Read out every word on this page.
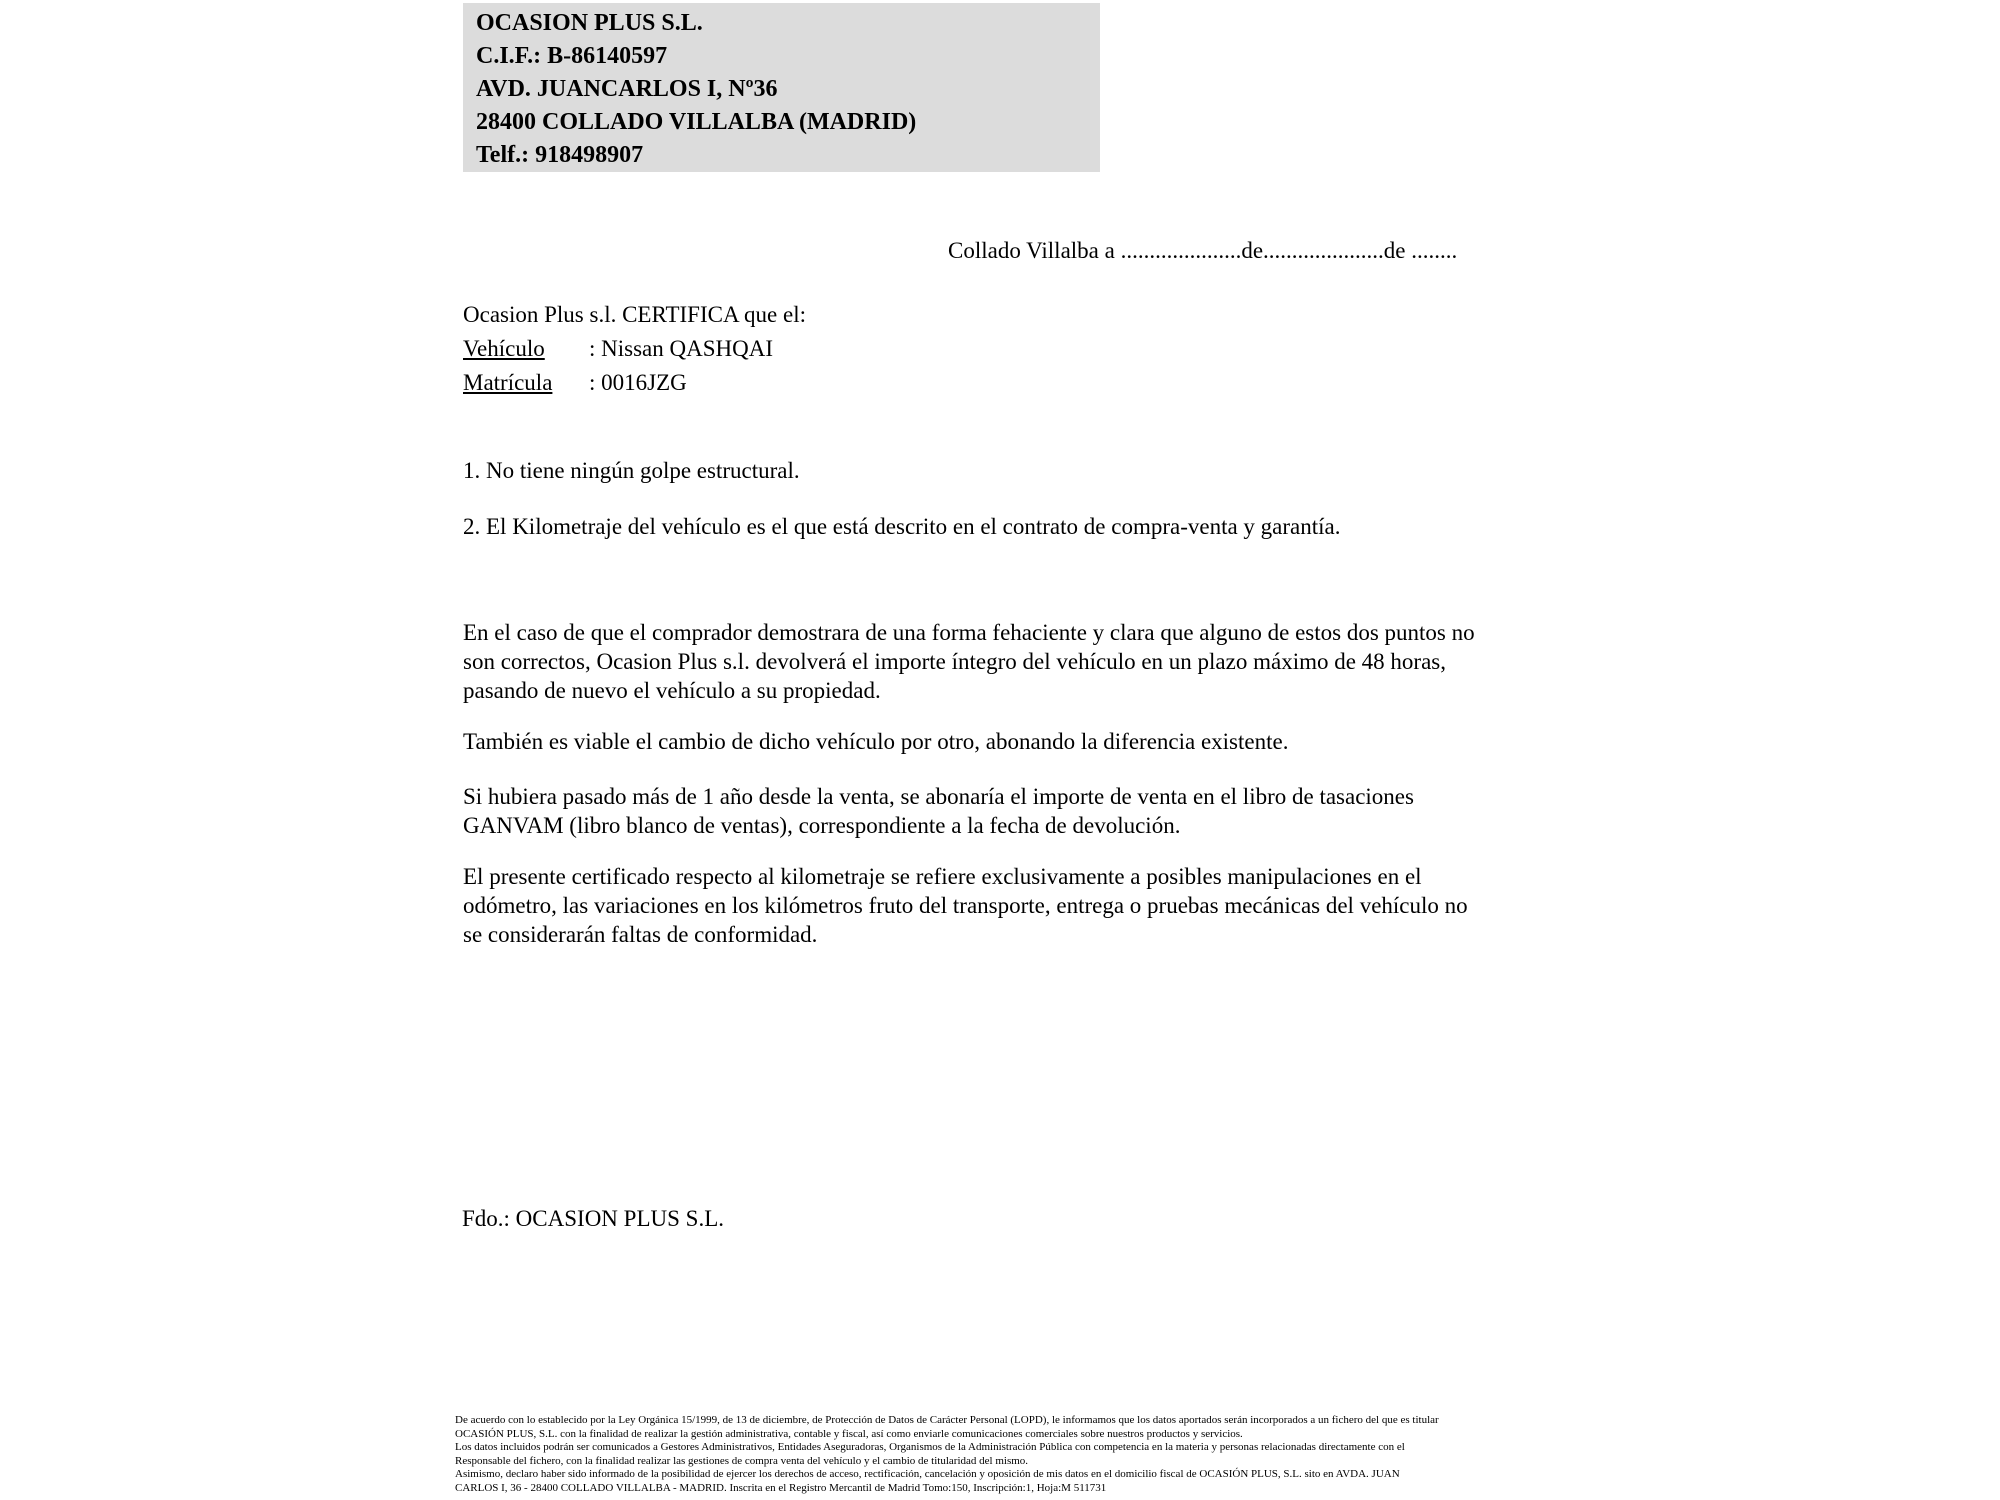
OCASION PLUS S.L.
C.I.F.: B-86140597
AVD. JUANCARLOS I, Nº36
28400 COLLADO VILLALBA (MADRID)
Telf.: 918498907
Collado Villalba a .....................de.....................de ........
Ocasion Plus s.l. CERTIFICA que el:
Vehículo : Nissan QASHQAI
Matrícula : 0016JZG
1. No tiene ningún golpe estructural.
2. El Kilometraje del vehículo es el que está descrito en el contrato de compra-venta y garantía.
En el caso de que el comprador demostrara de una forma fehaciente y clara que alguno de estos dos puntos no
son correctos, Ocasion Plus s.l. devolverá el importe íntegro del vehículo en un plazo máximo de 48 horas,
pasando de nuevo el vehículo a su propiedad.
También es viable el cambio de dicho vehículo por otro, abonando la diferencia existente.
Si hubiera pasado más de 1 año desde la venta, se abonaría el importe de venta en el libro de tasaciones
GANVAM (libro blanco de ventas), correspondiente a la fecha de devolución.
El presente certificado respecto al kilometraje se refiere exclusivamente a posibles manipulaciones en el
odómetro, las variaciones en los kilómetros fruto del transporte, entrega o pruebas mecánicas del vehículo no
se considerarán faltas de conformidad.
Fdo.: OCASION PLUS S.L.
De acuerdo con lo establecido por la Ley Orgánica 15/1999, de 13 de diciembre, de Protección de Datos de Carácter Personal (LOPD), le informamos que los datos aportados serán incorporados a un fichero del que es titular
OCASIÓN PLUS, S.L. con la finalidad de realizar la gestión administrativa, contable y fiscal, así como enviarle comunicaciones comerciales sobre nuestros productos y servicios.
Los datos incluidos podrán ser comunicados a Gestores Administrativos, Entidades Aseguradoras, Organismos de la Administración Pública con competencia en la materia y personas relacionadas directamente con el
Responsable del fichero, con la finalidad realizar las gestiones de compra venta del vehículo y el cambio de titularidad del mismo.
Asimismo, declaro haber sido informado de la posibilidad de ejercer los derechos de acceso, rectificación, cancelación y oposición de mis datos en el domicilio fiscal de OCASIÓN PLUS, S.L. sito en AVDA. JUAN
CARLOS I, 36 - 28400 COLLADO VILLALBA - MADRID. Inscrita en el Registro Mercantil de Madrid Tomo:150, Inscripción:1, Hoja:M 511731
